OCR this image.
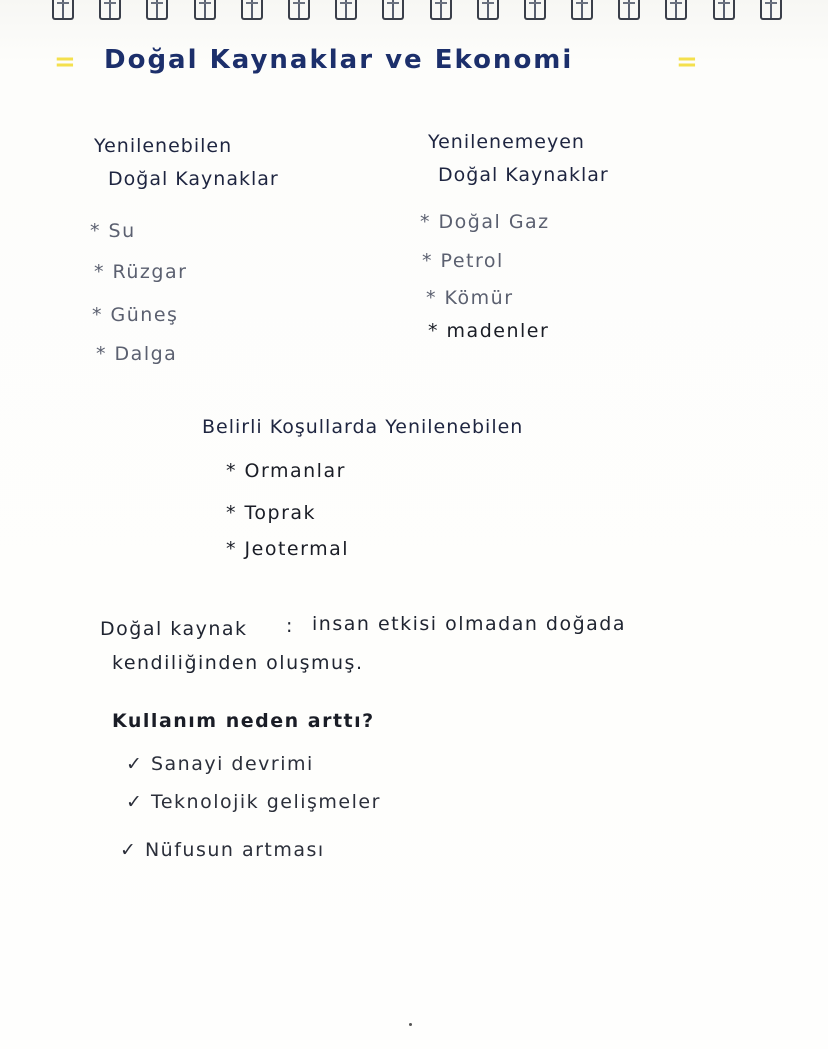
= Doğal Kaynaklar ve Ekonomi	=
Yenilenebilen
Doğal Kaynaklar
* Su
* Rüzgar
* Güneş
* Dalga
Yenilenemeyen
Doğal Kaynaklar
* Doğal Gaz
* Petrol
* Kömür
* madenler
Belirli Koşullarda Yenilenebilen
* Ormanlar
* Toprak
* Jeotermal
Doğal kaynak : insan etkisi olmadan doğada
kendiliğinden oluşmuş.
Kullanım neden arttı?
✓ Sanayi devrimi
✓ Teknolojik gelişmeler
✓ Nüfusun artması
